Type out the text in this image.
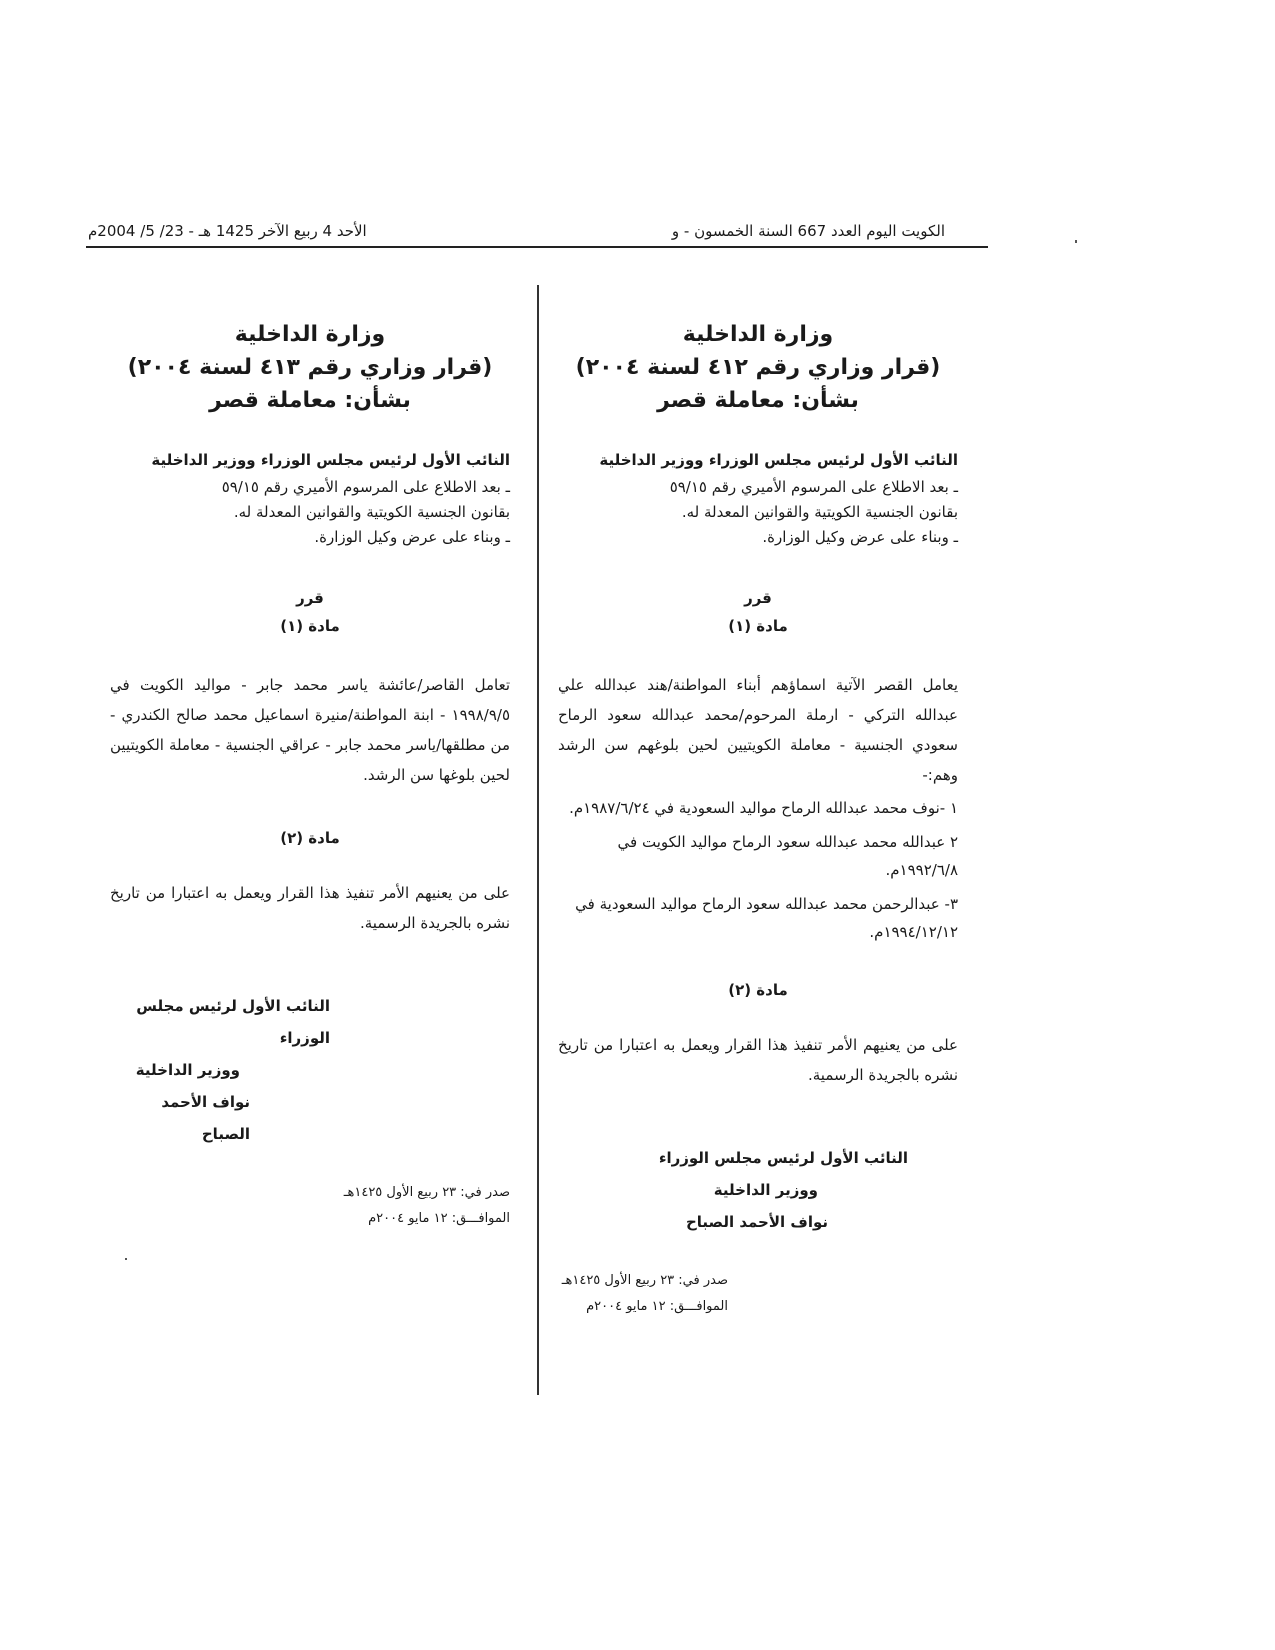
الكويت اليوم العدد 667 السنة الخمسون - و
الأحد 4 ربيع الآخر 1425 هـ - 23/ 5/ 2004م
وزارة الداخلية
(قرار وزاري رقم ٤١٢ لسنة ٢٠٠٤)
بشأن: معاملة قصر
النائب الأول لرئيس مجلس الوزراء ووزير الداخلية

ـ بعد الاطلاع على المرسوم الأميري رقم ٥٩/١٥

بقانون الجنسية الكويتية والقوانين المعدلة له.

ـ وبناء على عرض وكيل الوزارة.

قرر
مادة (١)
يعامل القصر الآتية اسماؤهم أبناء المواطنة/هند عبدالله علي عبدالله التركي - ارملة المرحوم/محمد عبدالله سعود الرماح سعودي الجنسية - معاملة الكويتيين لحين بلوغهم سن الرشد وهم:-
١ -نوف محمد عبدالله الرماح مواليد السعودية في ١٩٨٧/٦/٢٤م.
٢ عبدالله محمد عبدالله سعود الرماح مواليد الكويت في ١٩٩٢/٦/٨م.
٣- عبدالرحمن محمد عبدالله سعود الرماح مواليد السعودية في ١٩٩٤/١٢/١٢م.
مادة (٢)
على من يعنيهم الأمر تنفيذ هذا القرار ويعمل به اعتبارا من تاريخ نشره بالجريدة الرسمية.
النائب الأول لرئيس مجلس الوزراء
ووزير الداخلية
نواف الأحمد الصباح
صدر في: ٢٣ ربيع الأول ١٤٢٥هـ
الموافـــق: ١٢ مايو ٢٠٠٤م
وزارة الداخلية
(قرار وزاري رقم ٤١٣ لسنة ٢٠٠٤)
بشأن: معاملة قصر
النائب الأول لرئيس مجلس الوزراء ووزير الداخلية

ـ بعد الاطلاع على المرسوم الأميري رقم ٥٩/١٥

بقانون الجنسية الكويتية والقوانين المعدلة له.

ـ وبناء على عرض وكيل الوزارة.

قرر
مادة (١)
تعامل القاصر/عائشة ياسر محمد جابر - مواليد الكويت في ١٩٩٨/٩/٥ - ابنة المواطنة/منيرة اسماعيل محمد صالح الكندري - من مطلقها/ياسر محمد جابر - عراقي الجنسية - معاملة الكويتيين لحين بلوغها سن الرشد.
مادة (٢)
على من يعنيهم الأمر تنفيذ هذا القرار ويعمل به اعتبارا من تاريخ نشره بالجريدة الرسمية.
النائب الأول لرئيس مجلس الوزراء
ووزير الداخلية
نواف الأحمد الصباح
صدر في: ٢٣ ربيع الأول ١٤٢٥هـ
الموافـــق: ١٢ مايو ٢٠٠٤م
